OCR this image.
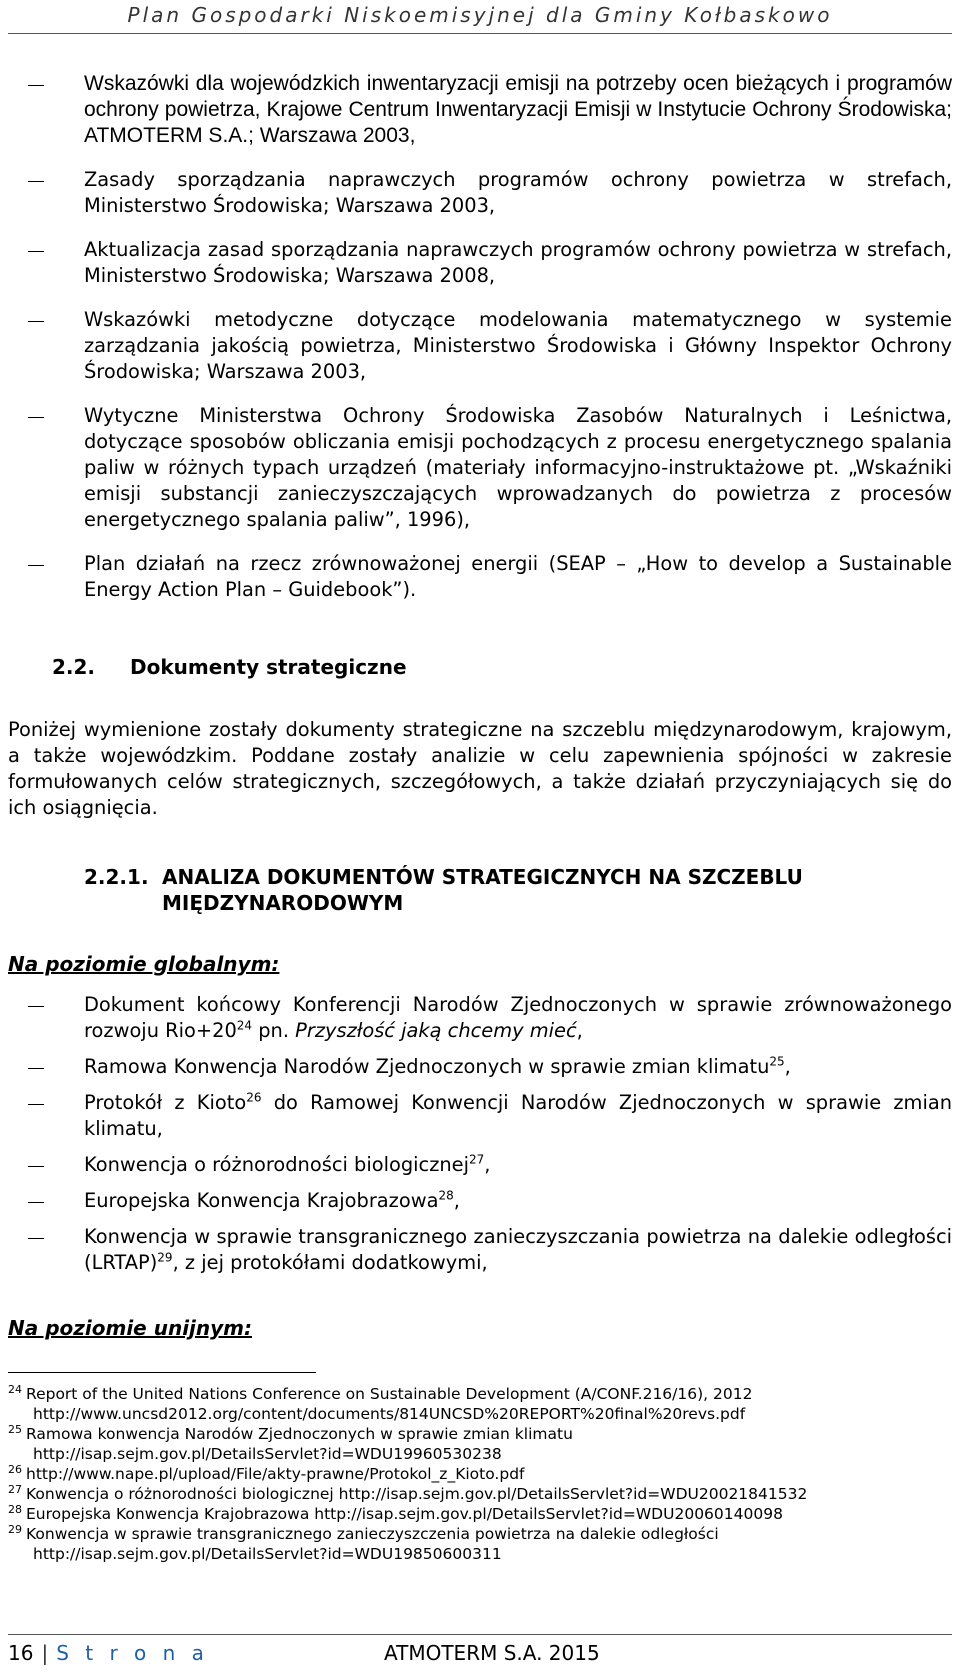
Plan Gospodarki Niskoemisyjnej dla Gminy Kołbaskowo
Wskazówki dla wojewódzkich inwentaryzacji emisji na potrzeby ocen bieżących i programów ochrony powietrza, Krajowe Centrum Inwentaryzacji Emisji w Instytucie Ochrony Środowiska; ATMOTERM S.A.; Warszawa 2003,
Zasady sporządzania naprawczych programów ochrony powietrza w strefach, Ministerstwo Środowiska; Warszawa 2003,
Aktualizacja zasad sporządzania naprawczych programów ochrony powietrza w strefach, Ministerstwo Środowiska; Warszawa 2008,
Wskazówki metodyczne dotyczące modelowania matematycznego w systemie zarządzania jakością powietrza, Ministerstwo Środowiska i Główny Inspektor Ochrony Środowiska; Warszawa 2003,
Wytyczne Ministerstwa Ochrony Środowiska Zasobów Naturalnych i Leśnictwa, dotyczące sposobów obliczania emisji pochodzących z procesu energetycznego spalania paliw w różnych typach urządzeń (materiały informacyjno-instruktażowe pt. „Wskaźniki emisji substancji zanieczyszczających wprowadzanych do powietrza z procesów energetycznego spalania paliw”, 1996),
Plan działań na rzecz zrównoważonej energii (SEAP – „How to develop a Sustainable Energy Action Plan – Guidebook”).
2.2. Dokumenty strategiczne

Poniżej wymienione zostały dokumenty strategiczne na szczeblu międzynarodowym, krajowym, a także wojewódzkim. Poddane zostały analizie w celu zapewnienia spójności w zakresie formułowanych celów strategicznych, szczegółowych, a także działań przyczyniających się do ich osiągnięcia.

2.2.1. ANALIZA DOKUMENTÓW STRATEGICZNYCH NA SZCZEBLU
MIĘDZYNARODOWYM
Na poziomie globalnym:
Dokument końcowy Konferencji Narodów Zjednoczonych w sprawie zrównoważonego rozwoju $Rio+20^{24}$ pn. Przyszłość jaką chcemy mieć,
Ramowa Konwencja Narodów Zjednoczonych w sprawie zmian klimatu$^{25}$,
Protokół z Kioto$^{26}$ do Ramowej Konwencji Narodów Zjednoczonych w sprawie zmian klimatu,
Konwencja o różnorodności biologicznej$^{27}$,
Europejska Konwencja Krajobrazowa$^{28}$,
Konwencja w sprawie transgranicznego zanieczyszczania powietrza na dalekie odległości (LRTAP)$^{29}$, z jej protokółami dodatkowymi,
Na poziomie unijnym:

$^{24}$ Report of the United Nations Conference on Sustainable Development (A/CONF.216/16), 2012
http://www.uncsd2012.org/content/documents/814UNCSD%20REPORT%20final%20revs.pdf

$^{25}$ Ramowa konwencja Narodów Zjednoczonych w sprawie zmian klimatu
http://isap.sejm.gov.pl/DetailsServlet?id=WDU19960530238

$^{26}$ http://www.nape.pl/upload/File/akty-prawne/Protokol_z_Kioto.pdf

$^{27}$ Konwencja o różnorodności biologicznej http://isap.sejm.gov.pl/DetailsServlet?id=WDU20021841532

$^{28}$ Europejska Konwencja Krajobrazowa http://isap.sejm.gov.pl/DetailsServlet?id=WDU20060140098

$^{29}$ Konwencja w sprawie transgranicznego zanieczyszczenia powietrza na dalekie odległości
http://isap.sejm.gov.pl/DetailsServlet?id=WDU19850600311

16 | S t r o n a	ATMOTERM S.A. 2015
